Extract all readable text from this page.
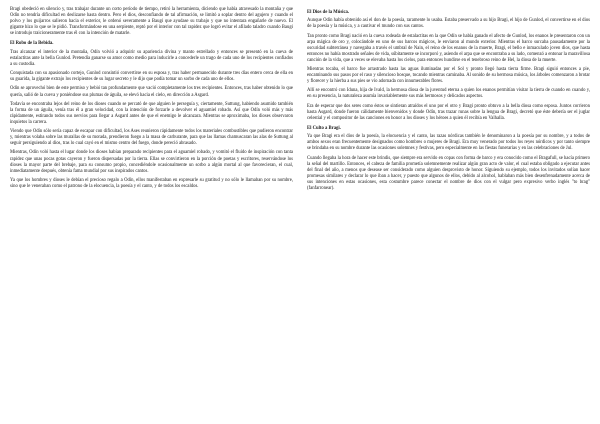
Bragi obedeció en silencio y, tras trabajar durante un corto período de tiempo, retiró la herramienta, diciendo que había atravesado la montaña y que Odín no tendría dificultad en deslizarse hasta dentro. Pero el dios, desconfiando de tal afirmación, se limitó a soplar dentro del agujero y cuando el polvo y los guijarros salieron hacia el exterior, le ordenó severamente a Baugi que ayudase su trabajo y que no intentara engañarle de nuevo. El gigante hizo lo que se le pidió. Transformándose en una serpiente, reptó por el interior con tal rapidez que logró evitar el afilado taladro cuando Baugi se introdujo traicioneramente tras él con la intención de matarle.

El Robo de la Bebida.

Tras alcanzar el interior de la montaña, Odín volvió a adquirir su apariencia divina y manto estrellado y entonces se presentó en la cueva de estalactitas ante la bella Gunlod. Pretendía ganarse su amor como medio para inducirle a concederle un trago de cada uno de los recipientes confiados a su custodia.

Conquistada con su apasionado cortejo, Gunlod consintió convertirse en su esposa y, tras haber permanecido durante tres días entero cerca de ella en su guarida, la gigante extrajo los recipientes de su lugar secreto y le dijo que podía tomar un sorbo de cada uno de ellos.

Odín se aprovechó bien de este permiso y bebió tan profundamente que vació completamente los tres recipientes. Entonces, tras haber obtenido lo que quería, salió de la cueva y poniéndose sus plumas de águila, se elevó hacia el cielo, en dirección a Asgard.

Todavía se encontraba lejos del reino de los dioses cuando se percató de que alguien le perseguía y, ciertamente, Suttung, habiendo asumido también la forma de un águila, venía tras él a gran velocidad, con la intención de forzarle a devolver el aguamiel robado. Así que Odín voló más y más rápidamente, estirando todos sus nervios para llegar a Asgard antes de que el enemigo le alcanzara. Mientras se aproximaba, los dioses observaron inquietos la carrera.

Viendo que Odín sólo sería capaz de escapar con dificultad, los Ases reunieron rápidamente todos los materiales combustibles que pudieron encontrar y, mientras volaba sobre las murallas de su morada, prendieron fuego a la masa de carburante, para que las llamas chamuscaran las alas de Suttung al seguir persiguiendo al dios, tras lo cual cayó en el mismo centro del fuego, donde pereció abrasado.

Mientras, Odín voló hasta el lugar donde los dioses habían preparado recipientes para el aguamiel robado, y vomitó el fluido de inspiración con tanta rapidez que unas pocas gotas cayeron y fueron dispersadas por la tierra. Ellas se convirtieron en la porción de poetas y escritores, reservándose los dioses la mayor parte del brebaje, para su consumo propio, concediéndole ocasionalmente un sorbo a algún mortal al que favorecieran, el cual, inmediatamente después, obtenía fama mundial por sus inspirados cantos.

Ya que los hombres y dioses le debían el precioso regalo a Odín, ellos manifestaban en expresarle su gratitud y no sólo le llamaban por su nombre, sino que le veneraban como el patrono de la elocuencia, la poesía y el canto, y de todos los escaldos.

El Dios de la Música.

Aunque Odín había obtenido así el don de la poesía, raramente lo usaba. Estaba preservado a su hijo Bragi, el hijo de Gunlod, el convertirse en el dios de la poesía y la música, y a cautivar el mundo con sus cantos.

Tan pronto como Bragi nació en la cueva rodeada de estalactitas en la que Odín se había ganado el afecto de Gunlod, los enanos le presentaron con un arpa mágica de oro y, colocándole en uno de sus barcos mágicos, le enviaron al mundo exterior. Mientras el barco surcaba pausadamente por la oscuridad subterránea y navegaba a través el umbral de Nain, el reino de los enanos de la muerte, Bragi, el bello e inmaculado joven dios, que hasta entonces no había mostrado señales de vida, súbitamente se incorporó y, asiendo el arpa que se encontraba a su lado, comenzó a entonar la maravillosa canción de la vida, que a veces se elevaba hasta los cielos, para entonces hundirse en el tenebroso reino de Hel, la diosa de la muerte.

Mientras tocaba, el barco fue arrastrado hasta las aguas iluminadas por el Sol y pronto llegó hasta tierra firme. Bragi siguió entonces a pie, encaminando sus pasos por el raso y silencioso bosque, tocando mientras caminaba. Al sonido de su hermosa música, los árboles comenzaron a brotar y florecer y la hierba a sus pies se vio adornada con innumerables flores.

Allí se encontró con Iduna, hija de Ivald, la hermosa diosa de la juventud eterna a quien los enanos permitían visitar la tierra de cuando en cuando y, en su presencia, la naturaleza asumía invariablemente sus más hermosos y delicados aspectos.

Era de esperar que dos seres como éstos se sintieran atraídos el uno por el otro y Bragi pronto obtuvo a la bella diosa como esposa. Juntos corrieron hasta Asgard, donde fueron cálidamente bienvenidos y donde Odín, tras trazar runas sobre la lengua de Bragi, decretó que éste debería ser el juglar celestial y el compositor de las canciones en honor a los dioses y los héroes a quien él recibía en Valhalla.

El Culto a Bragi.

Ya que Bragi era el dios de la poesía, la elocuencia y el canto, las razas nórdicas también le denominaron a la poesía por su nombre, y a todos de ambos sexos eran frecuentemente designados como hombres o mujeres de Bragi. Era muy venerado por todos los reyes nórdicos y por tanto siempre se brindaba en su nombre durante las ocasiones solemnes y festivas, pero especialmente en las fiestas funerarias y en las celebraciones de Jul.

Cuando llegaba la hora de hacer este brindis, que siempre era servido en copas con forma de barco y era conocido como el Bragafull, se hacía primero la señal del martillo. Entonces, el cabeza de familia prometía solemnemente realizar algún gran acto de valor, el cual estaba obligado a ejecutar antes del final del año, a menos que desease ser considerado como alguien desprovisto de honor. Siguiendo su ejemplo, todos los invitados solían hacer promesas similares y declarar lo que iban a hacer, y puesto que algunos de ellos, debido al alcohol, hablaban más bien desenfrenadamente acerca de sus intenciones en estas ocasiones, esta costumbre parece conectar el nombre de dios con el vulgar pero expresivo verbo inglés "to brag" (fanfarronear).
